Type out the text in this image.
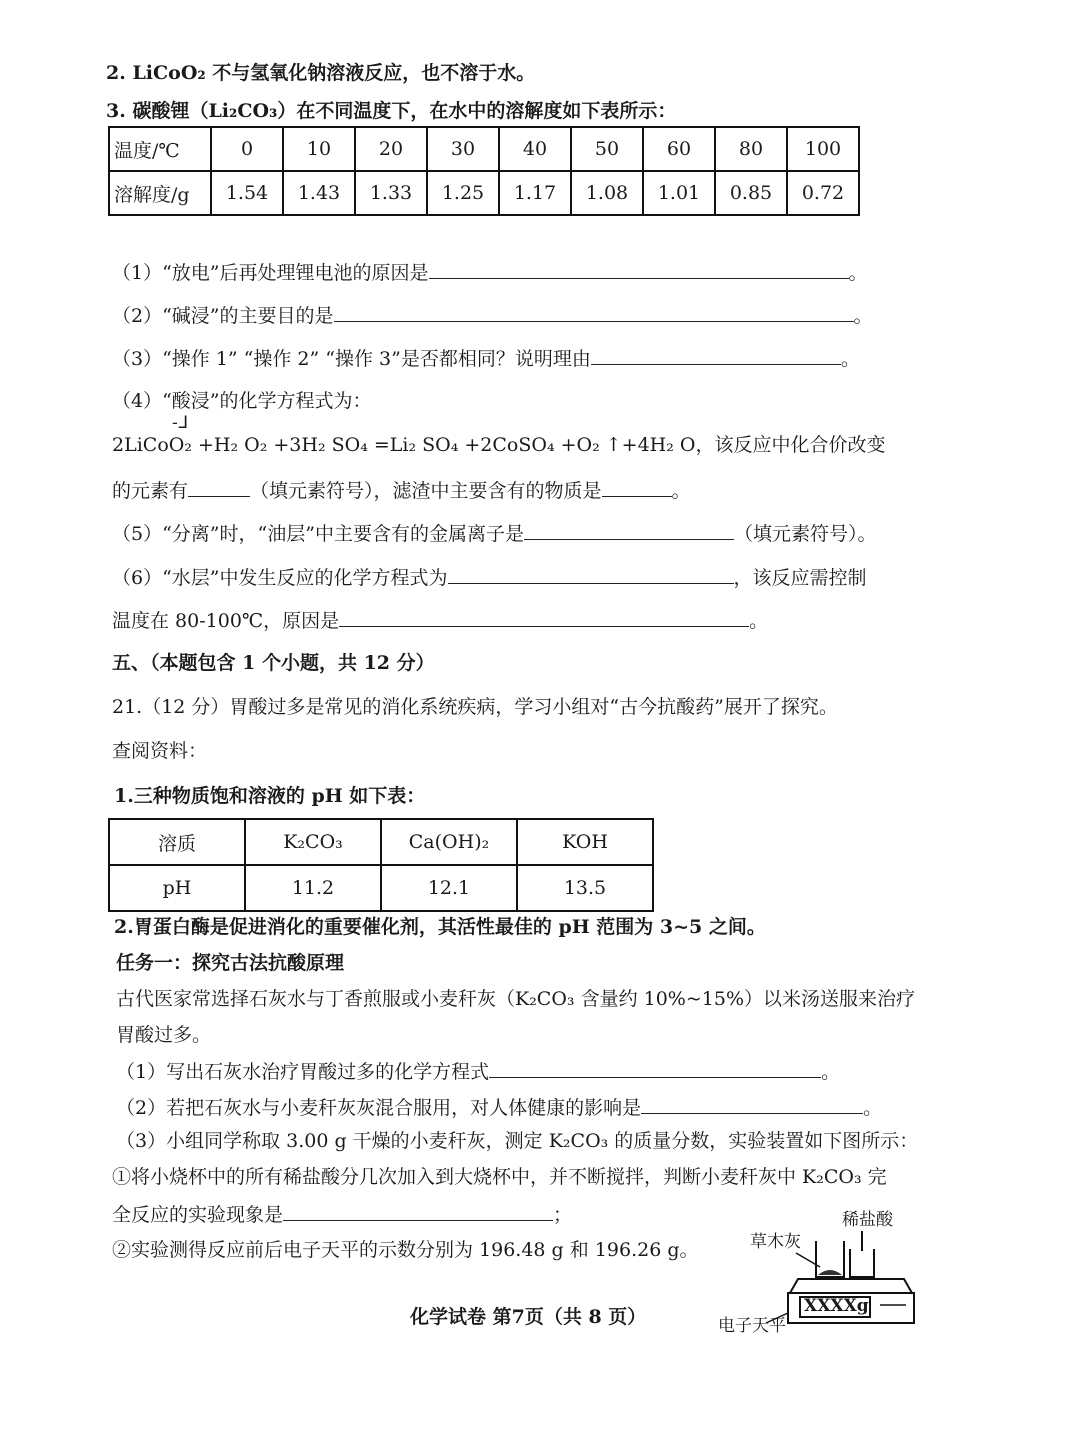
2. LiCoO₂ 不与氢氧化钠溶液反应，也不溶于水。
3. 碳酸锂（Li₂CO₃）在不同温度下，在水中的溶解度如下表所示：
温度/℃	0	10	20	30	40	50	60	80	100
溶解度/g	1.54	1.43	1.33	1.25	1.17	1.08	1.01	0.85	0.72
（1）“放电”后再处理锂电池的原因是	。
（2）“碱浸”的主要目的是	。
（3）“操作 1” “操作 2” “操作 3”是否都相同？说明理由	。
（4）“酸浸”的化学方程式为：
-ᒧ
2LiCoO₂ +H₂ O₂ +3H₂ SO₄ =Li₂ SO₄ +2CoSO₄ +O₂ ↑+4H₂ O，该反应中化合价改变
的元素有	（填元素符号），滤渣中主要含有的物质是	。
（5）“分离”时，“油层”中主要含有的金属离子是	（填元素符号）。
（6）“水层”中发生反应的化学方程式为	，该反应需控制
温度在 80-100℃，原因是	。
五、（本题包含 1 个小题，共 12 分）
21.（12 分）胃酸过多是常见的消化系统疾病，学习小组对“古今抗酸药”展开了探究。
查阅资料：
1.三种物质饱和溶液的 pH 如下表：
溶质	K₂CO₃	Ca(OH)₂	KOH
pH	11.2	12.1	13.5
2.胃蛋白酶是促进消化的重要催化剂，其活性最佳的 pH 范围为 3~5 之间。
任务一：探究古法抗酸原理
古代医家常选择石灰水与丁香煎服或小麦秆灰（K₂CO₃ 含量约 10%~15%）以米汤送服来治疗
胃酸过多。
（1）写出石灰水治疗胃酸过多的化学方程式	。
（2）若把石灰水与小麦秆灰灰混合服用，对人体健康的影响是	。
（3）小组同学称取 3.00 g 干燥的小麦秆灰，测定 K₂CO₃ 的质量分数，实验装置如下图所示：
①将小烧杯中的所有稀盐酸分几次加入到大烧杯中，并不断搅拌，判断小麦秆灰中 K₂CO₃ 完
全反应的实验现象是	；
②实验测得反应前后电子天平的示数分别为 196.48 g 和 196.26 g。
稀盐酸
草木灰
XXXXg
电子天平
化学试卷 第7页（共 8 页）
